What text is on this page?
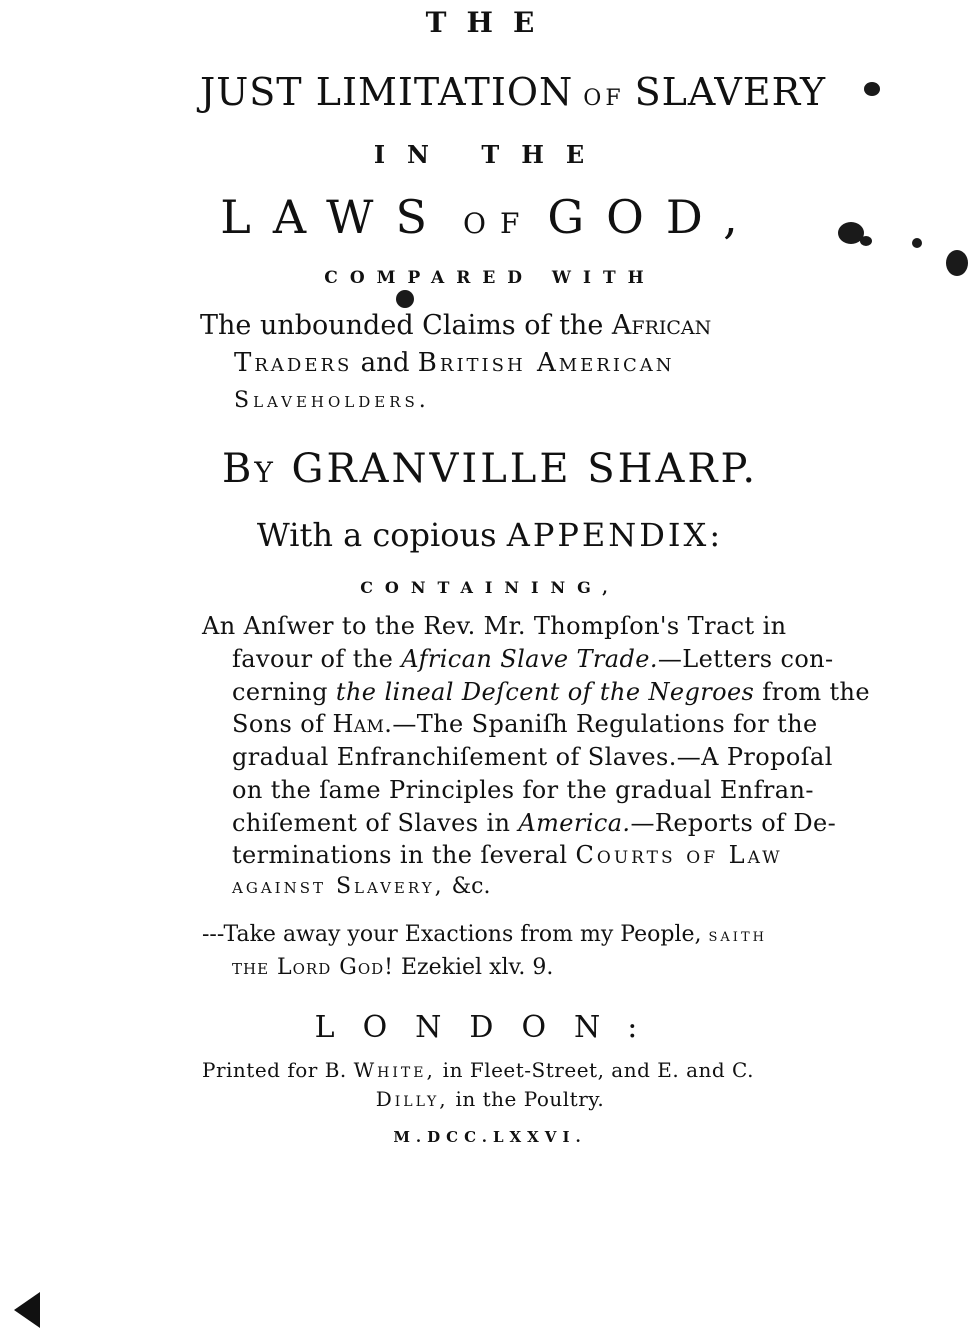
THE
JUST LIMITATION OF SLAVERY
IN THE
LAWS OF GOD,
COMPARED WITH
The unbounded Claims of the African
Traders and British American
Slaveholders.
By GRANVILLE SHARP.
With a copious APPENDIX:
CONTAINING,
An Anſwer to the Rev. Mr. Thompſon's Tract in
favour of the African Slave Trade.—Letters con-
cerning the lineal Deſcent of the Negroes from the
Sons of Ham.—The Spaniſh Regulations for the
gradual Enfranchiſement of Slaves.—A Propoſal
on the ſame Principles for the gradual Enfran-
chiſement of Slaves in America.—Reports of De-
terminations in the ſeveral Courts of Law
against Slavery, &c.
---Take away your Exactions from my People, saith
the Lord God! Ezekiel xlv. 9.
LONDON:
Printed for B. White, in Fleet-Street, and E. and C.
Dilly, in the Poultry.
M.DCC.LXXVI.
